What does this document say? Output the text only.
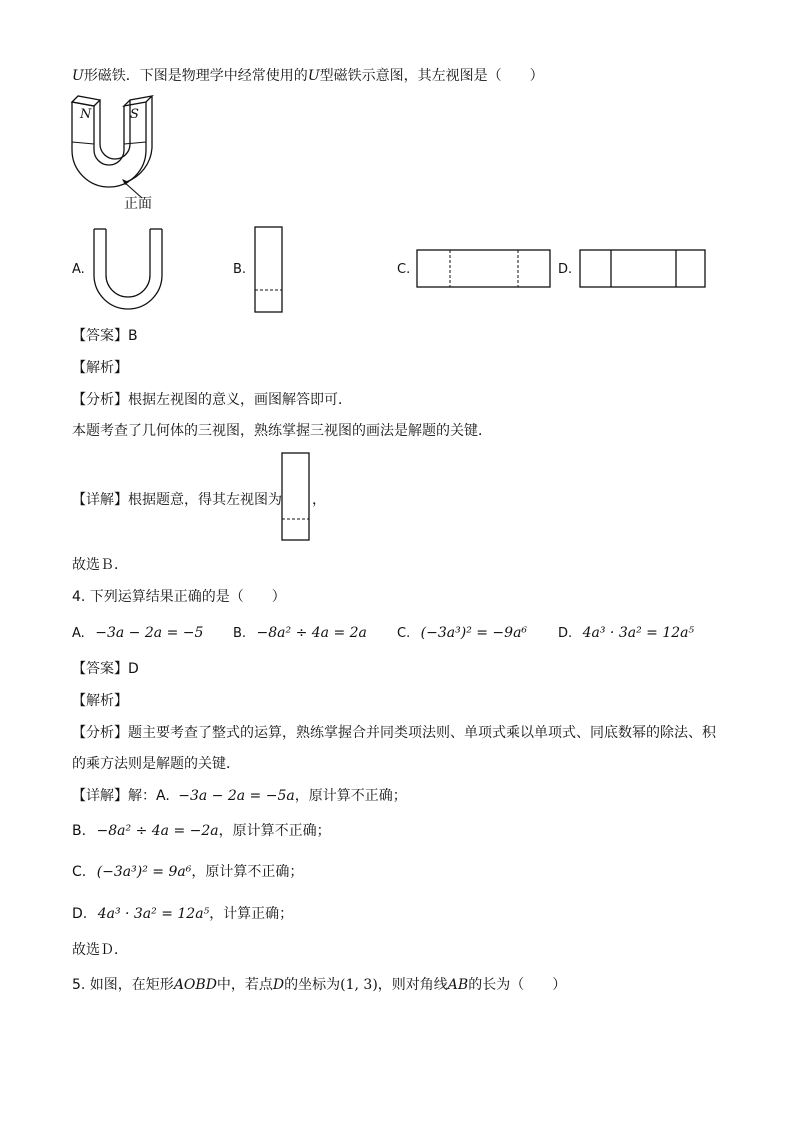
U形磁铁．下图是物理学中经常使用的U型磁铁示意图，其左视图是（　　）
N	S
正面
A.	B.	C.	D.
【答案】B
【解析】
【分析】根据左视图的意义，画图解答即可．
本题考查了几何体的三视图，熟练掌握三视图的画法是解题的关键．
【详解】根据题意，得其左视图为 ，
故选Ｂ．
4. 下列运算结果正确的是（　　）
A. −3a − 2a = −5 B. −8a² ÷ 4a = 2a C. (−3a³)² = −9a⁶ D. 4a³ · 3a² = 12a⁵
【答案】D
【解析】
【分析】题主要考查了整式的运算，熟练掌握合并同类项法则、单项式乘以单项式、同底数幂的除法、积
的乘方法则是解题的关键．
【详解】解：A. −3a − 2a = −5a，原计算不正确；
B. −8a² ÷ 4a = −2a，原计算不正确；
C. (−3a³)² = 9a⁶，原计算不正确；
D. 4a³ · 3a² = 12a⁵，计算正确；
故选Ｄ．
5. 如图，在矩形AOBD中，若点D的坐标为(1, 3)，则对角线AB的长为（　　）
